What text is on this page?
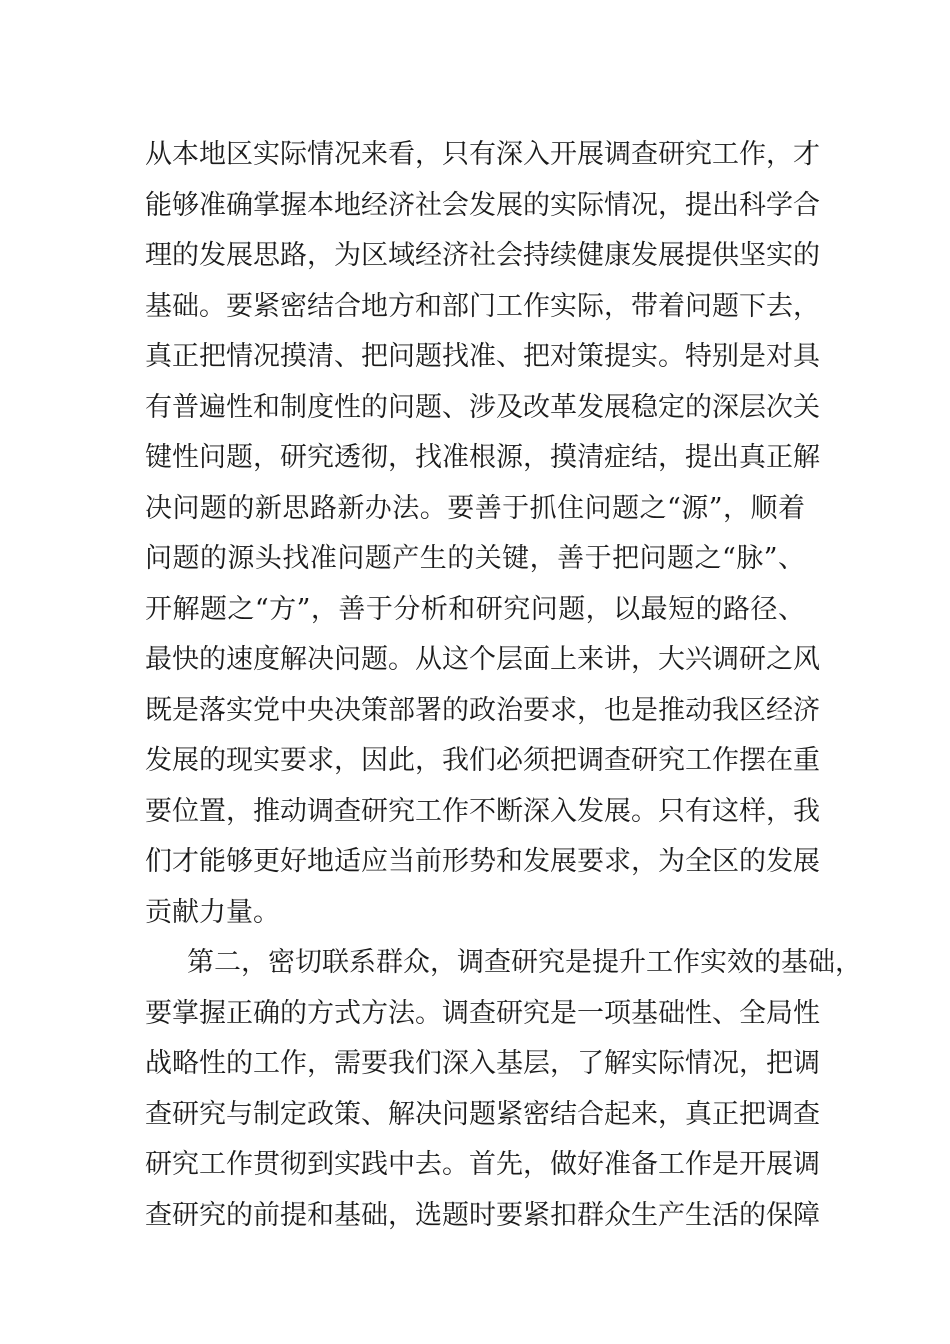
从本地区实际情况来看，只有深入开展调查研究工作，才
能够准确掌握本地经济社会发展的实际情况，提出科学合
理的发展思路，为区域经济社会持续健康发展提供坚实的
基础。要紧密结合地方和部门工作实际，带着问题下去，
真正把情况摸清、把问题找准、把对策提实。特别是对具
有普遍性和制度性的问题、涉及改革发展稳定的深层次关
键性问题，研究透彻，找准根源，摸清症结，提出真正解
决问题的新思路新办法。要善于抓住问题之“源”，顺着
问题的源头找准问题产生的关键，善于把问题之“脉”、
开解题之“方”，善于分析和研究问题，以最短的路径、
最快的速度解决问题。从这个层面上来讲，大兴调研之风
既是落实党中央决策部署的政治要求，也是推动我区经济
发展的现实要求，因此，我们必须把调查研究工作摆在重
要位置，推动调查研究工作不断深入发展。只有这样，我
们才能够更好地适应当前形势和发展要求，为全区的发展
贡献力量。
第二，密切联系群众，调查研究是提升工作实效的基础，
要掌握正确的方式方法。调查研究是一项基础性、全局性
战略性的工作，需要我们深入基层，了解实际情况，把调
查研究与制定政策、解决问题紧密结合起来，真正把调查
研究工作贯彻到实践中去。首先，做好准备工作是开展调
查研究的前提和基础，选题时要紧扣群众生产生活的保障
